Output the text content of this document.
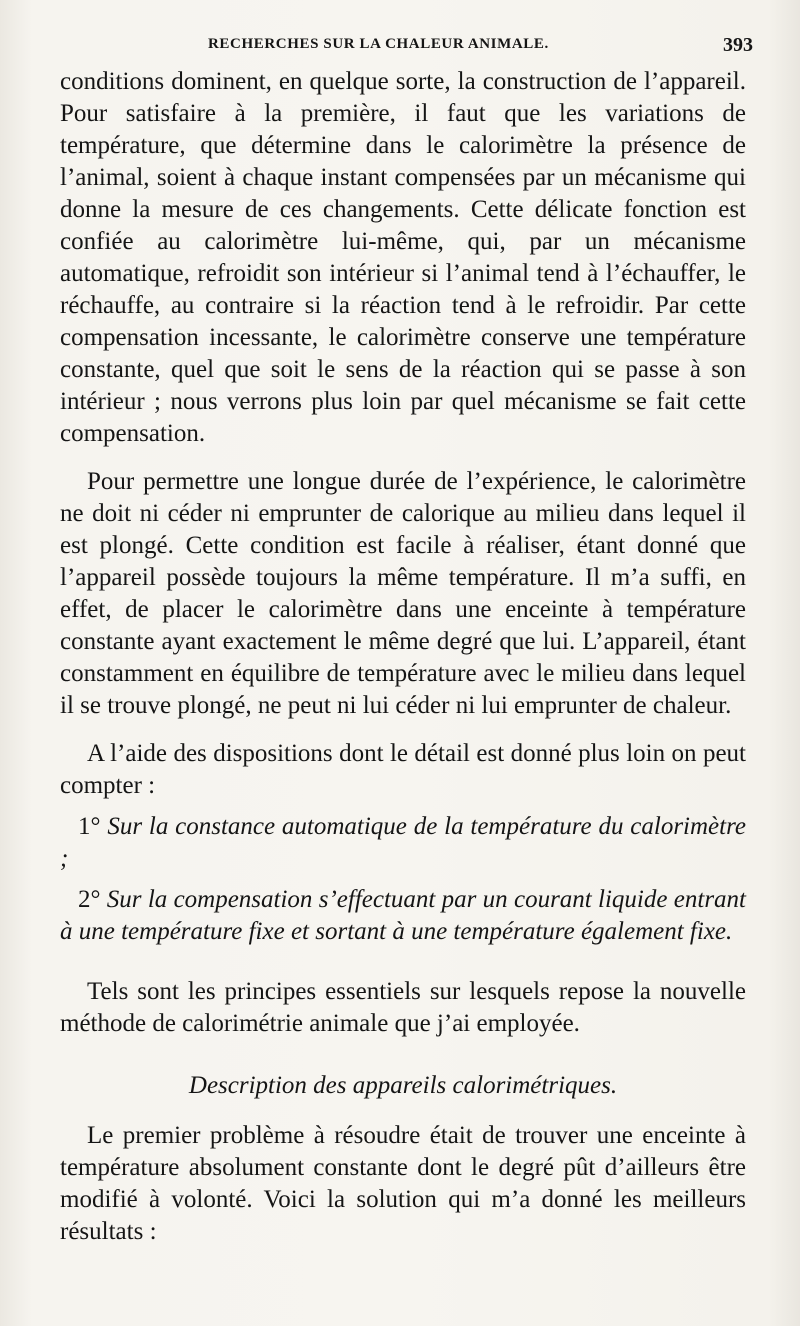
RECHERCHES SUR LA CHALEUR ANIMALE.	393

conditions dominent, en quelque sorte, la construction de l’appareil. Pour satisfaire à la première, il faut que les variations de température, que détermine dans le calorimètre la présence de l’animal, soient à chaque instant compensées par un mécanisme qui donne la mesure de ces changements. Cette délicate fonction est confiée au calorimètre lui-même, qui, par un mécanisme automatique, refroidit son intérieur si l’animal tend à l’échauffer, le réchauffe, au contraire si la réaction tend à le refroidir. Par cette compensation incessante, le calorimètre conserve une température constante, quel que soit le sens de la réaction qui se passe à son intérieur ; nous verrons plus loin par quel mécanisme se fait cette compensation.

Pour permettre une longue durée de l’expérience, le calorimètre ne doit ni céder ni emprunter de calorique au milieu dans lequel il est plongé. Cette condition est facile à réaliser, étant donné que l’appareil possède toujours la même température. Il m’a suffi, en effet, de placer le calorimètre dans une enceinte à température constante ayant exactement le même degré que lui. L’appareil, étant constamment en équilibre de température avec le milieu dans lequel il se trouve plongé, ne peut ni lui céder ni lui emprunter de chaleur.

A l’aide des dispositions dont le détail est donné plus loin on peut compter :

1° Sur la constance automatique de la température du calorimètre ;

2° Sur la compensation s’effectuant par un courant liquide entrant à une température fixe et sortant à une température également fixe.

Tels sont les principes essentiels sur lesquels repose la nouvelle méthode de calorimétrie animale que j’ai employée.

Description des appareils calorimétriques.

Le premier problème à résoudre était de trouver une enceinte à température absolument constante dont le degré pût d’ailleurs être modifié à volonté. Voici la solution qui m’a donné les meilleurs résultats :
